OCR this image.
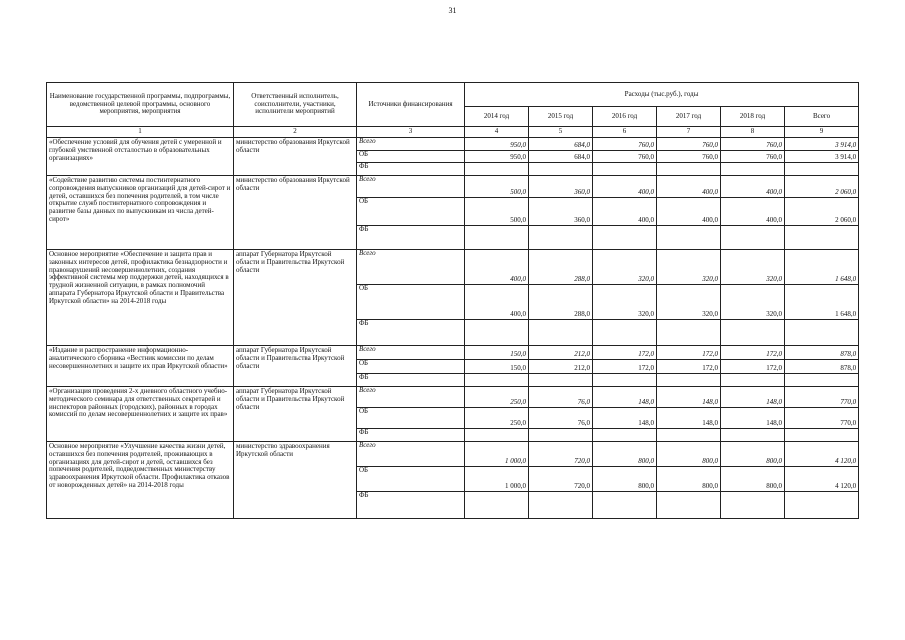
31
Наименование государственной программы, подпрограммы, ведомственной целевой программы, основного мероприятия, мероприятия	Ответственный исполнитель, соисполнители, участники, исполнители мероприятий	Источники финансирования	Расходы (тыс.руб.), годы					
			2014 год	2015 год	2016 год	2017 год	2018 год	Всего
1	2	3	4	5	6	7	8	9
«Обеспечение условий для обучения детей с умеренной и глубокой умственной отсталостью в образовательных организациях»	министерство образования Иркутской области	Всего	950,0	684,0	760,0	760,0	760,0	3 914,0
		ОБ	950,0	684,0	760,0	760,0	760,0	3 914,0
		ФБ						
«Содействие развитию системы постинтернатного сопровождения выпускников организаций для детей-сирот и детей, оставшихся без попечения родителей, в том числе открытие служб постинтернатного сопровождения и развитие базы данных по выпускникам из числа детей-сирот»	министерство образования Иркутской области	Всего	500,0	360,0	400,0	400,0	400,0	2 060,0
		ОБ	500,0	360,0	400,0	400,0	400,0	2 060,0
		ФБ						
Основное мероприятие «Обеспечение и защита прав и законных интересов детей, профилактика безнадзорности и правонарушений несовершеннолетних, создания эффективной системы мер поддержки детей, находящихся в трудной жизненной ситуации, в рамках полномочий аппарата Губернатора Иркутской области и Правительства Иркутской области» на 2014-2018 годы	аппарат Губернатора Иркутской области и Правительства Иркутской области	Всего	400,0	288,0	320,0	320,0	320,0	1 648,0
		ОБ	400,0	288,0	320,0	320,0	320,0	1 648,0
		ФБ						
«Издание и распространение информационно-аналитического сборника «Вестник комиссии по делам несовершеннолетних и защите их прав Иркутской области»	аппарат Губернатора Иркутской области и Правительства Иркутской области	Всего	150,0	212,0	172,0	172,0	172,0	878,0
		ОБ	150,0	212,0	172,0	172,0	172,0	878,0
		ФБ						
«Организация проведения 2-х дневного областного учебно-методического семинара для ответственных секретарей и инспекторов районных (городских), районных в городах комиссий по делам несовершеннолетних и защите их прав»	аппарат Губернатора Иркутской области и Правительства Иркутской области	Всего	250,0	76,0	148,0	148,0	148,0	770,0
		ОБ	250,0	76,0	148,0	148,0	148,0	770,0
		ФБ						
Основное мероприятие «Улучшение качества жизни детей, оставшихся без попечения родителей, проживающих в организациях для детей-сирот и детей, оставшихся без попечения родителей, подведомственных министерству здравоохранения Иркутской области. Профилактика отказов от новорожденных детей» на 2014-2018 годы	министерство здравоохранения Иркутской области	Всего	1 000,0	720,0	800,0	800,0	800,0	4 120,0
		ОБ	1 000,0	720,0	800,0	800,0	800,0	4 120,0
		ФБ						
